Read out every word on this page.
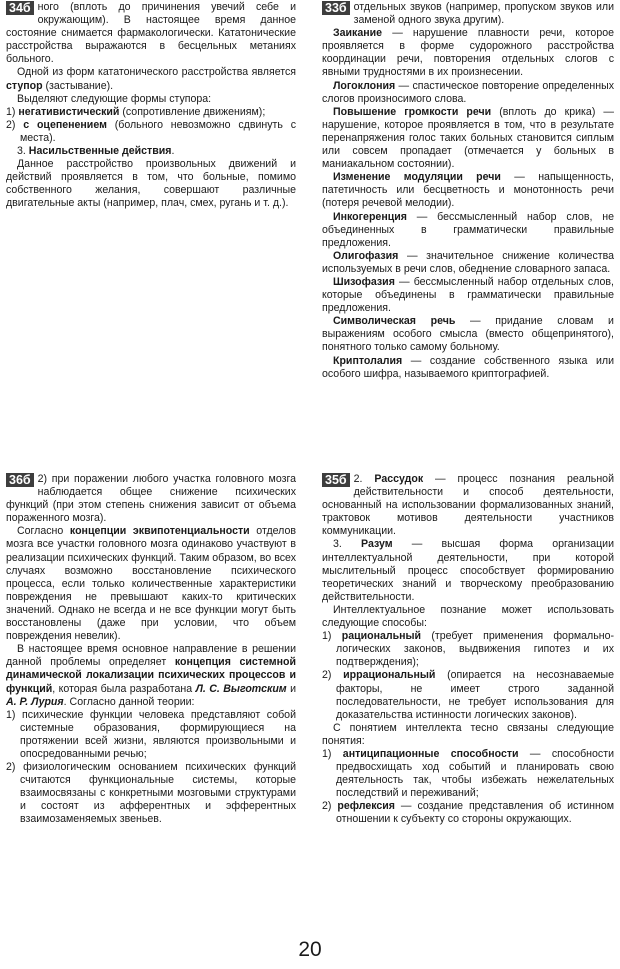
34б ного (вплоть до причинения увечий себе и окружающим). В настоящее время данное состояние снимается фармакологически. Кататонические расстройства выражаются в бесцельных метаниях больного.

Одной из форм кататонического расстройства является ступор (застывание).

Выделяют следующие формы ступора:

1) негативистический (сопротивление движениям);

2) с оцепенением (больного невозможно сдвинуть с места).

3. Насильственные действия.

Данное расстройство произвольных движений и действий проявляется в том, что больные, помимо собственного желания, совершают различные двигательные акты (например, плач, смех, ругань и т. д.).

33б отдельных звуков (например, пропуском звуков или заменой одного звука другим).

Заикание — нарушение плавности речи, которое проявляется в форме судорожного расстройства координации речи, повторения отдельных слогов с явными трудностями в их произнесении.

Логоклония — спастическое повторение определенных слогов произносимого слова.

Повышение громкости речи (вплоть до крика) — нарушение, которое проявляется в том, что в результате перенапряжения голос таких больных становится сиплым или совсем пропадает (отмечается у больных в маниакальном состоянии).

Изменение модуляции речи — напыщенность, патетичность или бесцветность и монотонность речи (потеря речевой мелодии).

Инкогеренция — бессмысленный набор слов, не объединенных в грамматически правильные предложения.

Олигофазия — значительное снижение количества используемых в речи слов, обеднение словарного запаса.

Шизофазия — бессмысленный набор отдельных слов, которые объединены в грамматически правильные предложения.

Символическая речь — придание словам и выражениям особого смысла (вместо общепринятого), понятного только самому больному.

Криптолалия — создание собственного языка или особого шифра, называемого криптографией.

36б 2) при поражении любого участка головного мозга наблюдается общее снижение психических функций (при этом степень снижения зависит от объема пораженного мозга).

Согласно концепции эквипотенциальности отделов мозга все участки головного мозга одинаково участвуют в реализации психических функций. Таким образом, во всех случаях возможно восстановление психического процесса, если только количественные характеристики повреждения не превышают каких-то критических значений. Однако не всегда и не все функции могут быть восстановлены (даже при условии, что объем повреждения невелик).

В настоящее время основное направление в решении данной проблемы определяет концепция системной динамической локализации психических процессов и функций, которая была разработана Л. С. Выготским и А. Р. Лурия. Согласно данной теории:

1) психические функции человека представляют собой системные образования, формирующиеся на протяжении всей жизни, являются произвольными и опосредованными речью;

2) физиологическим основанием психических функций считаются функциональные системы, которые взаимосвязаны с конкретными мозговыми структурами и состоят из афферентных и эфферентных взаимозаменяемых звеньев.

35б 2. Рассудок — процесс познания реальной действительности и способ деятельности, основанный на использовании формализованных знаний, трактовок мотивов деятельности участников коммуникации.

3. Разум — высшая форма организации интеллектуальной деятельности, при которой мыслительный процесс способствует формированию теоретических знаний и творческому преобразованию действительности.

Интеллектуальное познание может использовать следующие способы:

1) рациональный (требует применения формально-логических законов, выдвижения гипотез и их подтверждения);

2) иррациональный (опирается на несознаваемые факторы, не имеет строго заданной последовательности, не требует использования для доказательства истинности логических законов).

С понятием интеллекта тесно связаны следующие понятия:

1) антиципационные способности — способности предвосхищать ход событий и планировать свою деятельность так, чтобы избежать нежелательных последствий и переживаний;

2) рефлексия — создание представления об истинном отношении к субъекту со стороны окружающих.

20
